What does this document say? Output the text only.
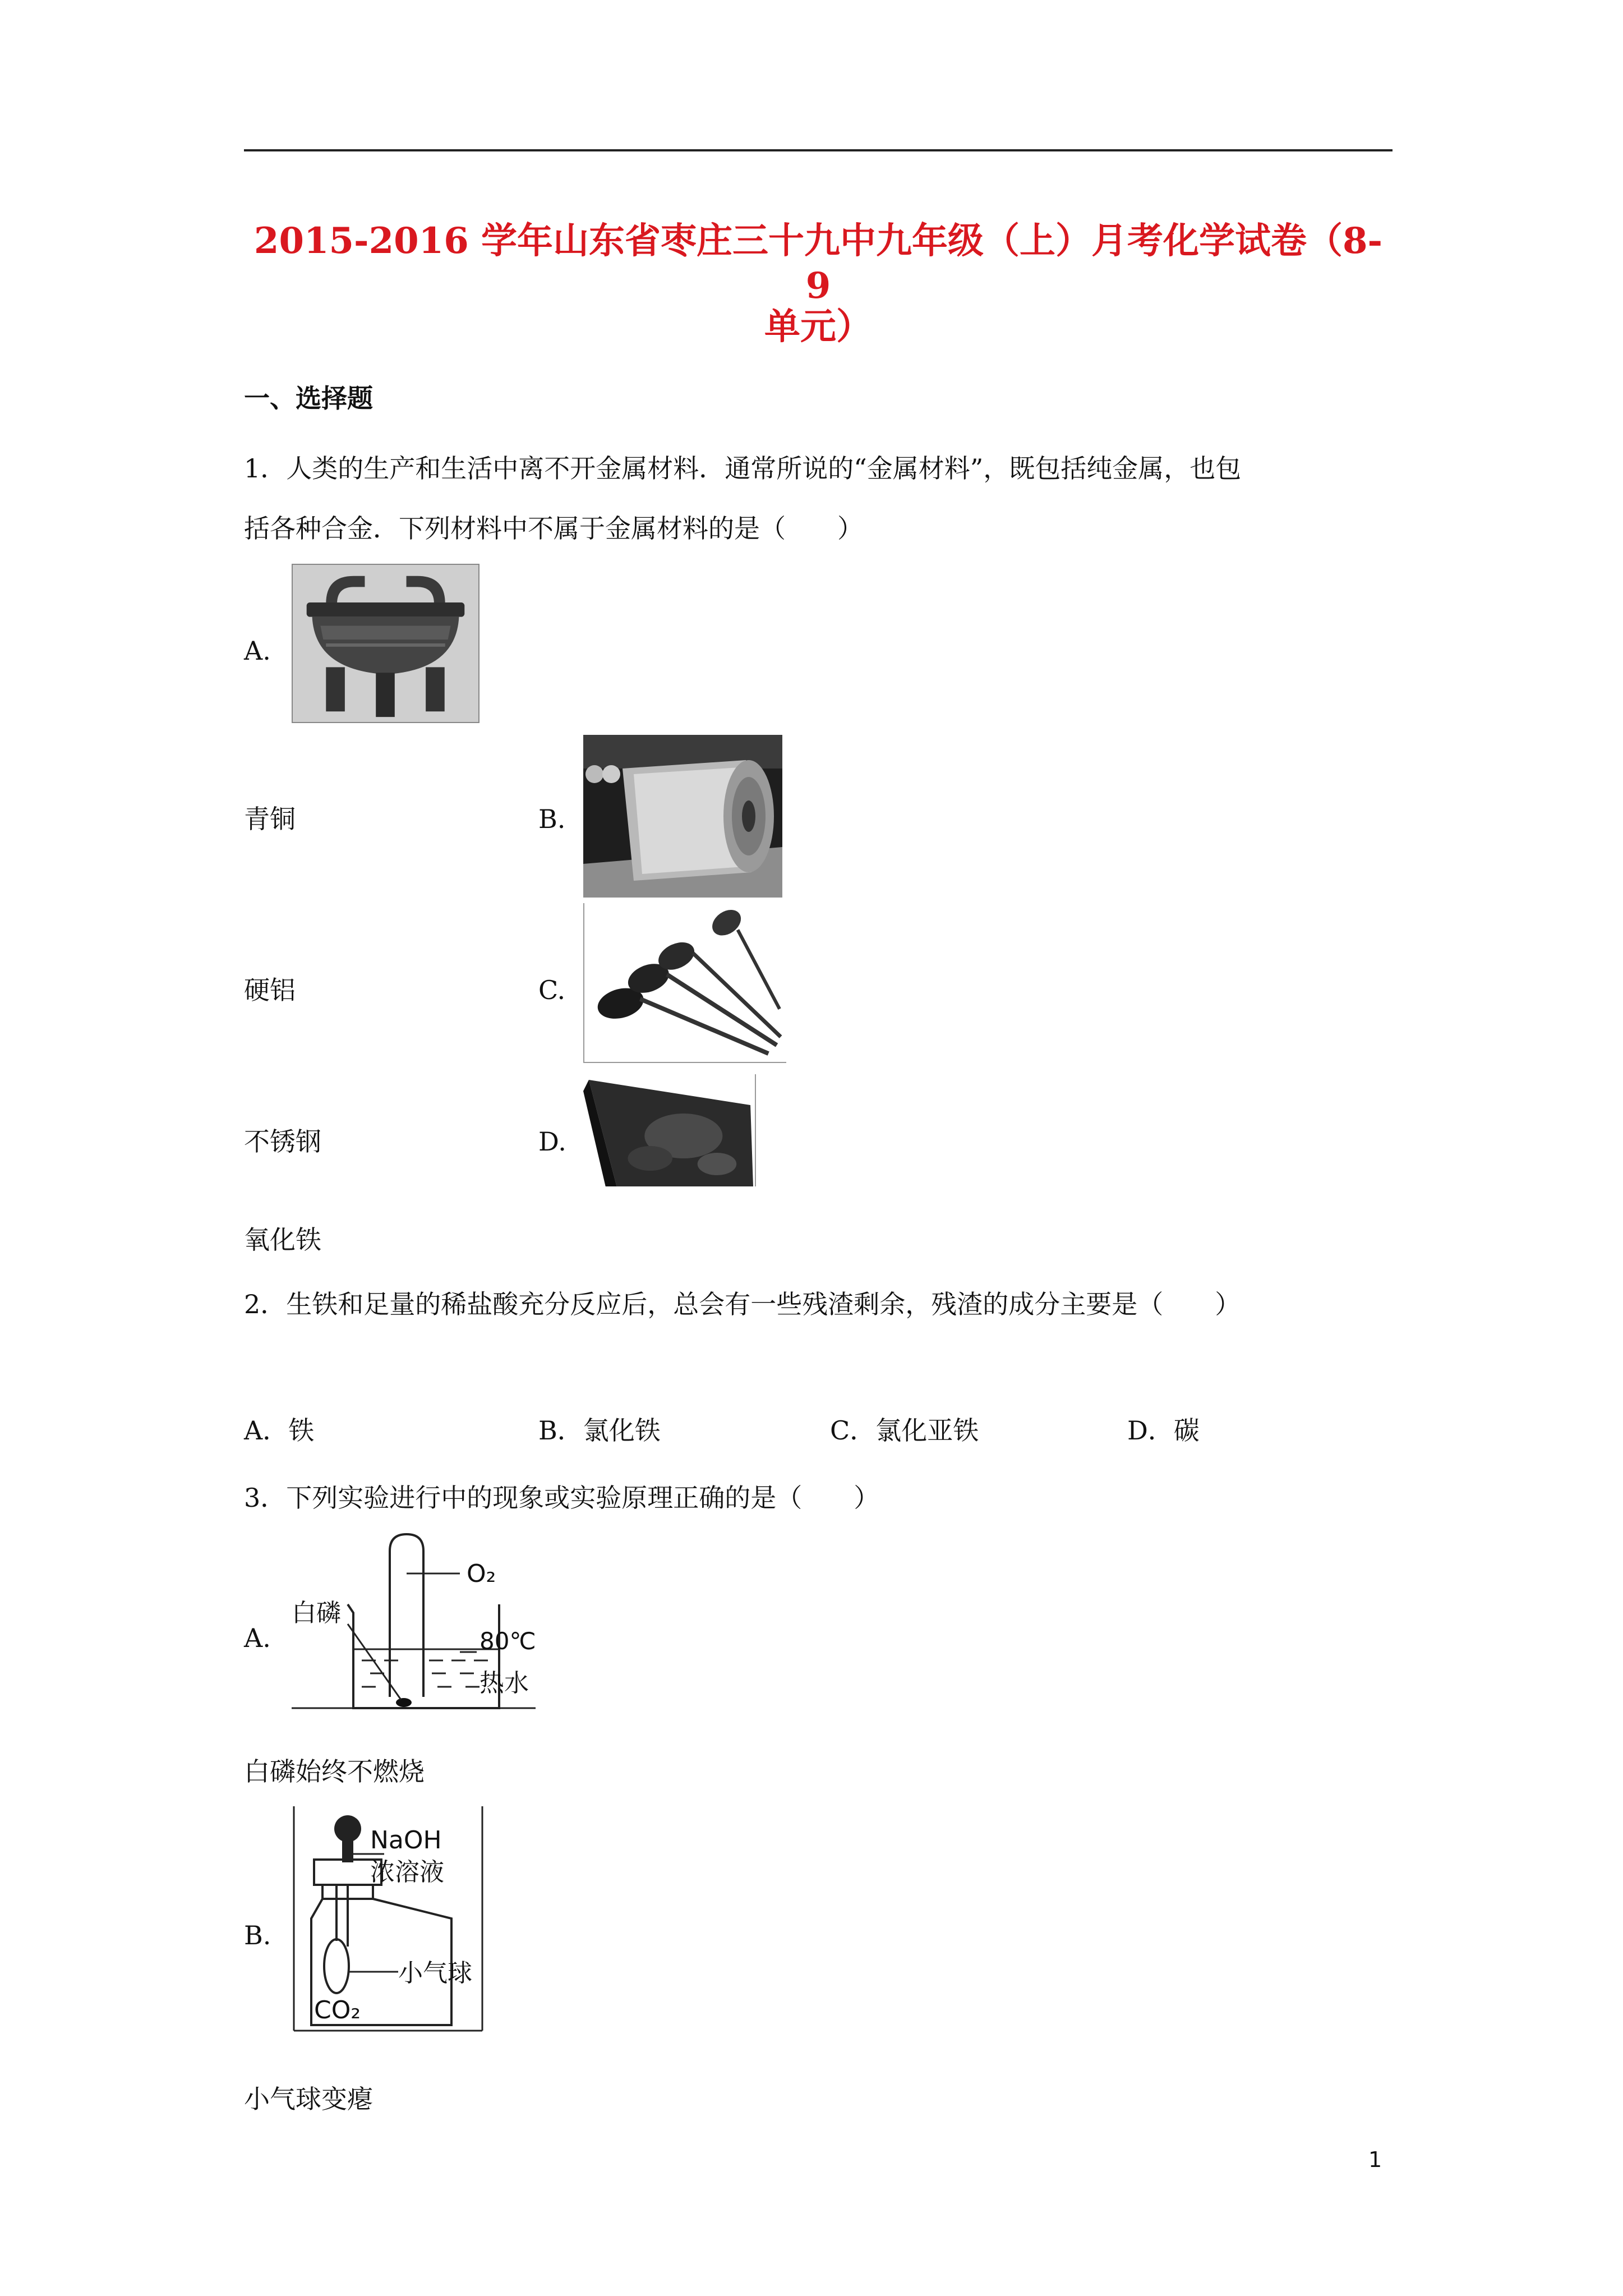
2015-2016 学年山东省枣庄三十九中九年级（上）月考化学试卷（8-9
单元）
一、选择题
1．人类的生产和生活中离不开金属材料．通常所说的“金属材料”，既包括纯金属，也包
括各种合金．下列材料中不属于金属材料的是（　　）
A.
青铜	B.
硬铝	C.
不锈钢	D.
氧化铁
2．生铁和足量的稀盐酸充分反应后，总会有一些残渣剩余，残渣的成分主要是（　　）
A．铁	B．氯化铁	C．氯化亚铁	D．碳
3．下列实验进行中的现象或实验原理正确的是（　　）
A.
O₂
白磷
80℃
热水
白磷始终不燃烧
B.
NaOH
浓溶液
小气球
CO₂
小气球变瘪
1
